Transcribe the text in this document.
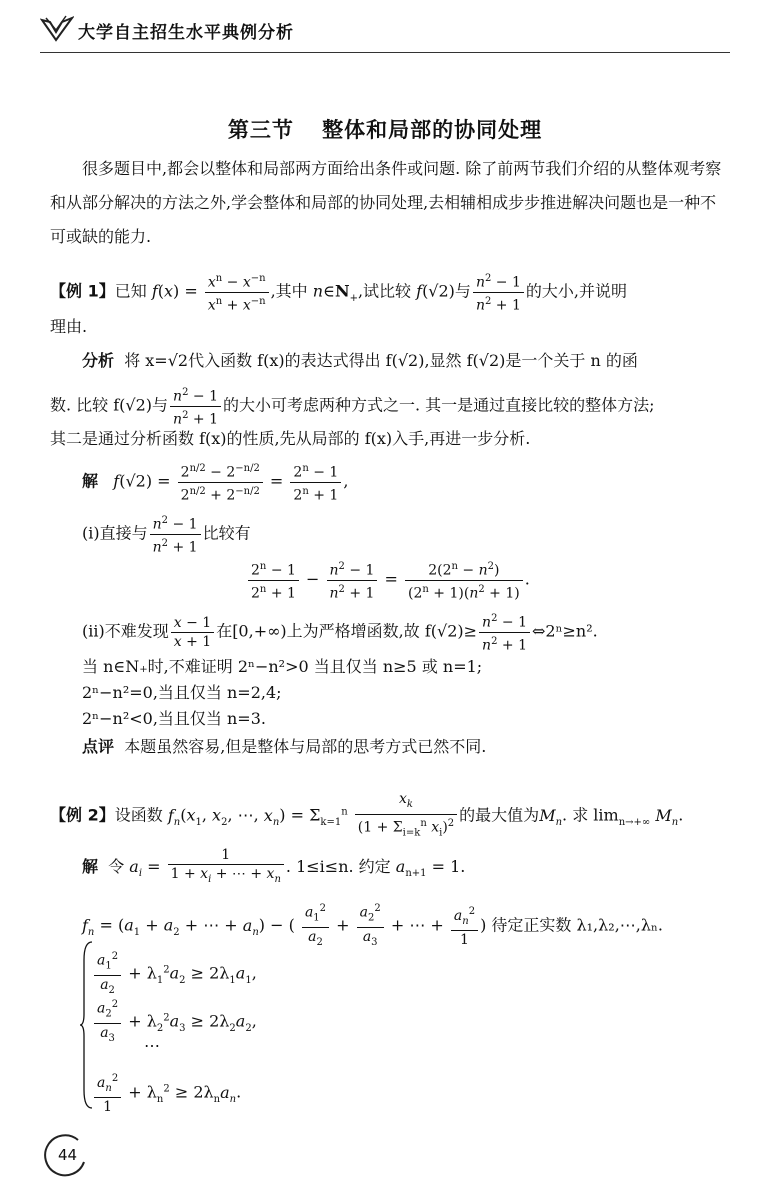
大学自主招生水平典例分析
第三节 整体和局部的协同处理
很多题目中,都会以整体和局部两方面给出条件或问题. 除了前两节我们介绍的从整体观考察和从部分解决的方法之外,学会整体和局部的协同处理,去相辅相成步步推进解决问题也是一种不可或缺的能力.
【例 1】已知 $f(x) = \frac{x^n - x^{-n}}{x^n + x^{-n}}$ ,其中 $n\in N_+$,试比较 f(√2)与 $\frac{n^2 - 1}{n^2 + 1}$ 的大小,并说明
理由.
分析 将 x=√2代入函数 f(x)的表达式得出 f(√2),显然 f(√2)是一个关于 n 的函
数. 比较 f(√2)与 $\frac{n^2 - 1}{n^2 + 1}$ 的大小可考虑两种方式之一. 其一是通过直接比较的整体方法;
其二是通过分析函数 f(x)的性质,先从局部的 f(x)入手,再进一步分析.
解 $f(√2) = \frac{2^{n/2} - 2^{-n/2}}{2^{n/2} + 2^{-n/2}} = \frac{2^n - 1}{2^n + 1}$ ,
(ⅰ)直接与 $\frac{n^2 - 1}{n^2 + 1}$ 比较有
$\frac{2^n - 1}{2^n + 1} - \frac{n^2 - 1}{n^2 + 1} = \frac{2(2^n - n^2)}{(2^n + 1)(n^2 + 1)}$ .
(ⅱ)不难发现 $\frac{x - 1}{x + 1}$ 在[0,+∞)上为严格增函数,故 $f(√2)\ge \frac{n^2 - 1}{n^2 + 1}$ ⇔2ⁿ≥n².
当 n∈N₊时,不难证明 2ⁿ−n²>0 当且仅当 n≥5 或 n=1;
2ⁿ−n²=0,当且仅当 n=2,4;
2ⁿ−n²<0,当且仅当 n=3.
点评 本题虽然容易,但是整体与局部的思考方式已然不同.
【例 2】设函数 $f_n(x_1$, $x_2$, ⋯, $x_n) = \Sigma_{k=1}^n \frac{x_k}{(1 + \Sigma_{i=k}^n x_i)^2}$ 的最大值为$M_n$. 求 $\lim_{n\to+\infty} M_n$.
解 令 $a_i = \frac{1}{1 + x_i + \cdots + x_n}$ . 1≤i≤n. 约定 $a_{n+1} = 1$.
$f_n = (a_1 + a_2$ + ⋯ + $a_n$) − ( $\frac{a_1^2}{a_2} + \frac{a_2^2}{a_3}$ + ⋯ + $\frac{a_n^2}{1}$ ) 待定正实数 λ₁,λ₂,⋯,λₙ.
$\frac{a_1^2}{a_2} + \lambda_1^2a_2 \ge 2\lambda_1a_1$,
$\frac{a_2^2}{a_3} + \lambda_2^2a_3 \ge 2\lambda_2a_2$,
⋯
$\frac{a_n^2}{1} + \lambda_n^2 \ge 2\lambda_na_n$.
44
